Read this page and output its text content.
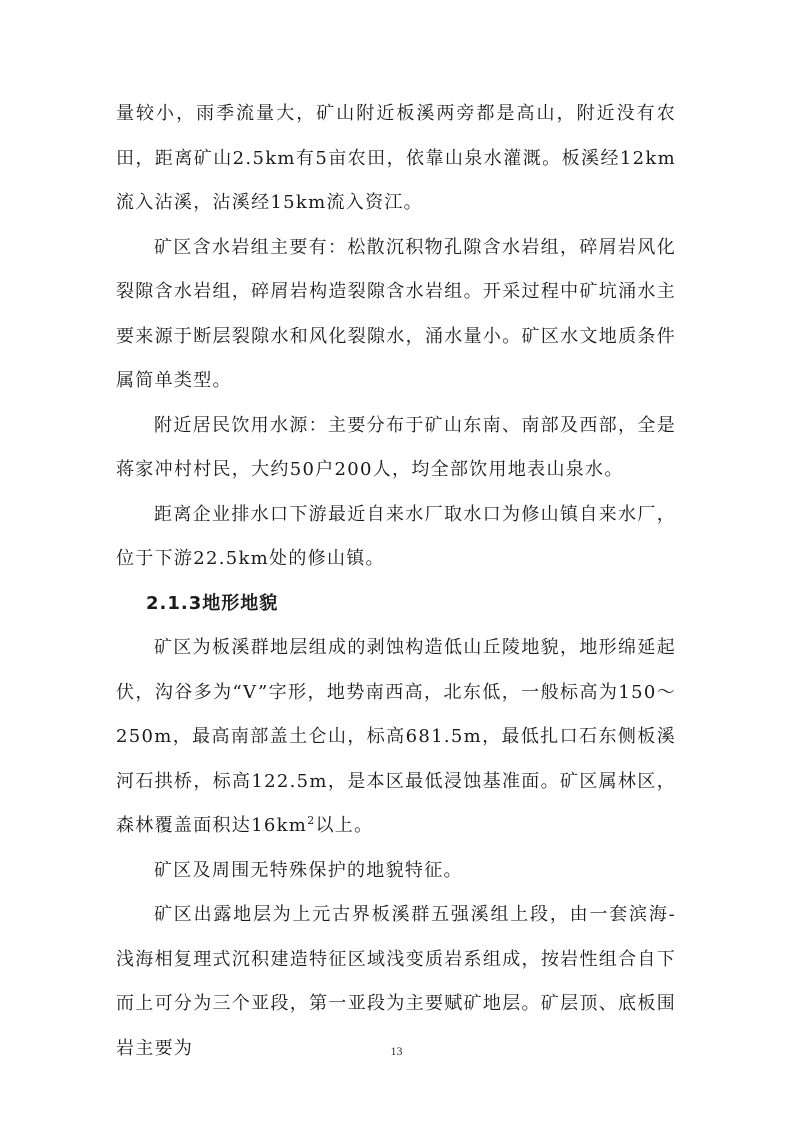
量较小，雨季流量大，矿山附近板溪两旁都是高山，附近没有农田，距离矿山2.5km有5亩农田，依靠山泉水灌溉。板溪经12km流入沾溪，沾溪经15km流入资江。

矿区含水岩组主要有：松散沉积物孔隙含水岩组，碎屑岩风化裂隙含水岩组，碎屑岩构造裂隙含水岩组。开采过程中矿坑涌水主要来源于断层裂隙水和风化裂隙水，涌水量小。矿区水文地质条件属简单类型。

附近居民饮用水源：主要分布于矿山东南、南部及西部，全是蒋家冲村村民，大约50户200人，均全部饮用地表山泉水。

距离企业排水口下游最近自来水厂取水口为修山镇自来水厂，位于下游22.5km处的修山镇。

2.1.3地形地貌

矿区为板溪群地层组成的剥蚀构造低山丘陵地貌，地形绵延起伏，沟谷多为“V”字形，地势南西高，北东低，一般标高为150～250m，最高南部盖土仑山，标高681.5m，最低扎口石东侧板溪河石拱桥，标高122.5m，是本区最低浸蚀基准面。矿区属林区，森林覆盖面积达$16km^2$以上。

矿区及周围无特殊保护的地貌特征。

矿区出露地层为上元古界板溪群五强溪组上段，由一套滨海-浅海相复理式沉积建造特征区域浅变质岩系组成，按岩性组合自下而上可分为三个亚段，第一亚段为主要赋矿地层。矿层顶、底板围岩主要为	13
